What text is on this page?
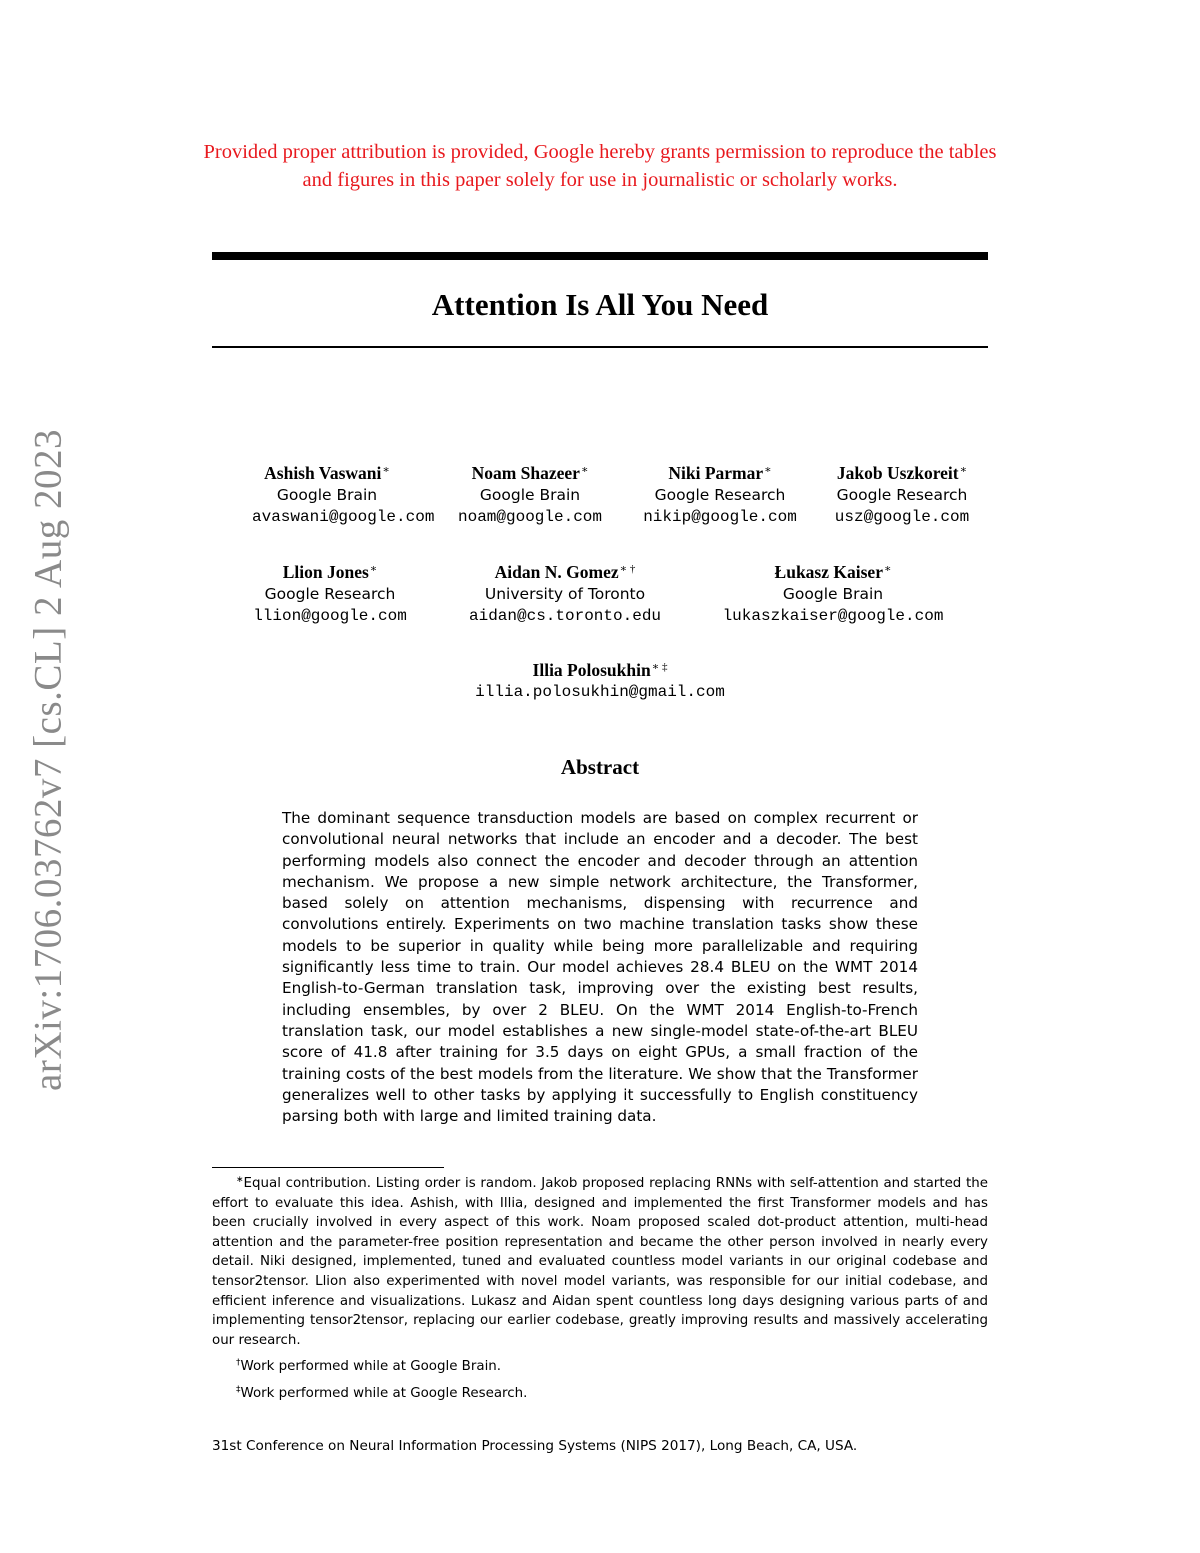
Provided proper attribution is provided, Google hereby grants permission to reproduce the tables and figures in this paper solely for use in journalistic or scholarly works.
Attention Is All You Need
arXiv:1706.03762v7 [cs.CL] 2 Aug 2023	Ashish Vaswani∗
Google Brain
avaswani@google.com
Noam Shazeer∗
Google Brain
noam@google.com
Niki Parmar∗
Google Research
nikip@google.com
Jakob Uszkoreit∗
Google Research
usz@google.com
Llion Jones∗
Google Research
llion@google.com
Aidan N. Gomez∗ †
University of Toronto
aidan@cs.toronto.edu
Łukasz Kaiser∗
Google Brain
lukaszkaiser@google.com
Illia Polosukhin∗ ‡
illia.polosukhin@gmail.com
Abstract
The dominant sequence transduction models are based on complex recurrent or convolutional neural networks that include an encoder and a decoder. The best performing models also connect the encoder and decoder through an attention mechanism. We propose a new simple network architecture, the Transformer, based solely on attention mechanisms, dispensing with recurrence and convolutions entirely. Experiments on two machine translation tasks show these models to be superior in quality while being more parallelizable and requiring significantly less time to train. Our model achieves 28.4 BLEU on the WMT 2014 English-to-German translation task, improving over the existing best results, including ensembles, by over 2 BLEU. On the WMT 2014 English-to-French translation task, our model establishes a new single-model state-of-the-art BLEU score of 41.8 after training for 3.5 days on eight GPUs, a small fraction of the training costs of the best models from the literature. We show that the Transformer generalizes well to other tasks by applying it successfully to English constituency parsing both with large and limited training data.

∗Equal contribution. Listing order is random. Jakob proposed replacing RNNs with self-attention and started the effort to evaluate this idea. Ashish, with Illia, designed and implemented the first Transformer models and has been crucially involved in every aspect of this work. Noam proposed scaled dot-product attention, multi-head attention and the parameter-free position representation and became the other person involved in nearly every detail. Niki designed, implemented, tuned and evaluated countless model variants in our original codebase and tensor2tensor. Llion also experimented with novel model variants, was responsible for our initial codebase, and efficient inference and visualizations. Lukasz and Aidan spent countless long days designing various parts of and implementing tensor2tensor, replacing our earlier codebase, greatly improving results and massively accelerating our research.

†Work performed while at Google Brain.

‡Work performed while at Google Research.

31st Conference on Neural Information Processing Systems (NIPS 2017), Long Beach, CA, USA.
